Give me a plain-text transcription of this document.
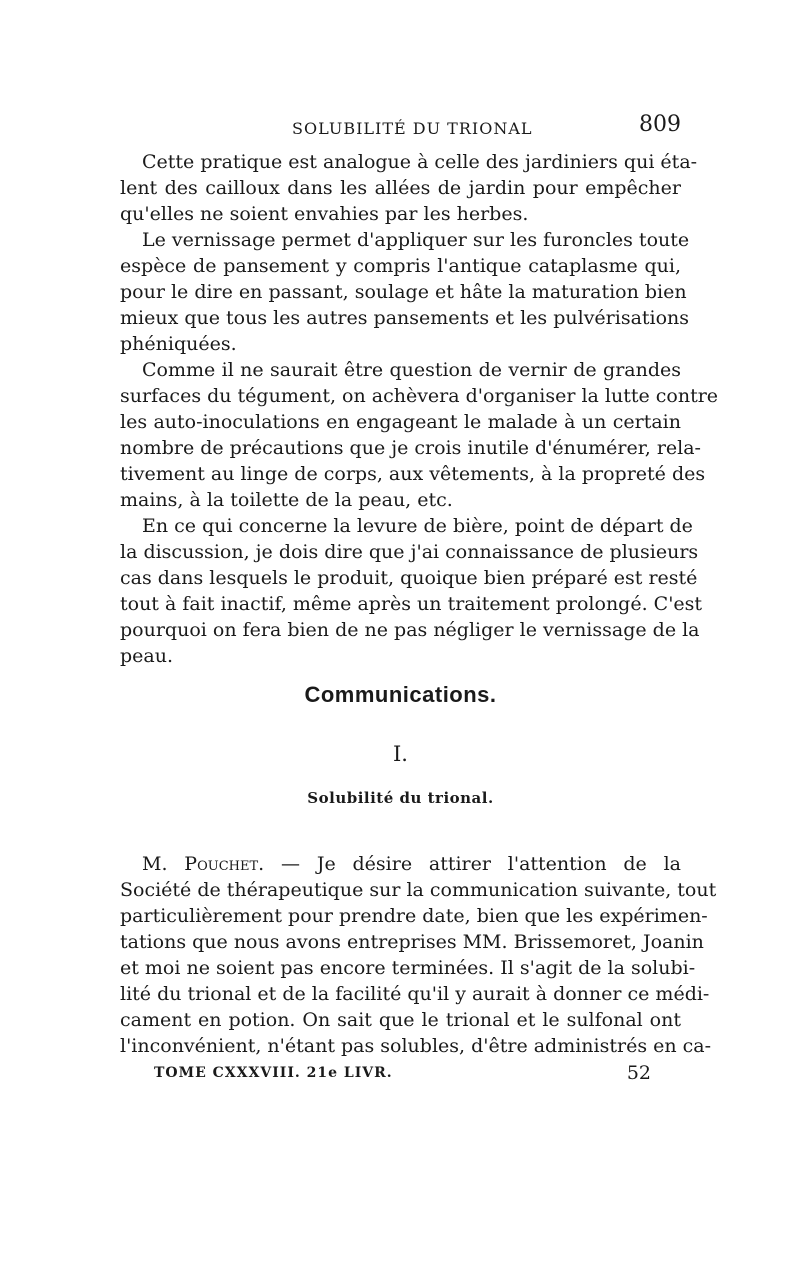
SOLUBILITÉ DU TRIONAL	809
Cette pratique est analogue à celle des jardiniers qui éta-
lent des cailloux dans les allées de jardin pour empêcher
qu'elles ne soient envahies par les herbes.
Le vernissage permet d'appliquer sur les furoncles toute
espèce de pansement y compris l'antique cataplasme qui,
pour le dire en passant, soulage et hâte la maturation bien
mieux que tous les autres pansements et les pulvérisations
phéniquées.
Comme il ne saurait être question de vernir de grandes
surfaces du tégument, on achèvera d'organiser la lutte contre
les auto-inoculations en engageant le malade à un certain
nombre de précautions que je crois inutile d'énumérer, rela-
tivement au linge de corps, aux vêtements, à la propreté des
mains, à la toilette de la peau, etc.
En ce qui concerne la levure de bière, point de départ de
la discussion, je dois dire que j'ai connaissance de plusieurs
cas dans lesquels le produit, quoique bien préparé est resté
tout à fait inactif, même après un traitement prolongé. C'est
pourquoi on fera bien de ne pas négliger le vernissage de la
peau.
Communications.
I.
Solubilité du trional.
M. Pouchet. — Je désire attirer l'attention de la
Société de thérapeutique sur la communication suivante, tout
particulièrement pour prendre date, bien que les expérimen-
tations que nous avons entreprises MM. Brissemoret, Joanin
et moi ne soient pas encore terminées. Il s'agit de la solubi-
lité du trional et de la facilité qu'il y aurait à donner ce médi-
cament en potion. On sait que le trional et le sulfonal ont
l'inconvénient, n'étant pas solubles, d'être administrés en ca-
TOME CXXXVIII. 21e LIVR.	52
